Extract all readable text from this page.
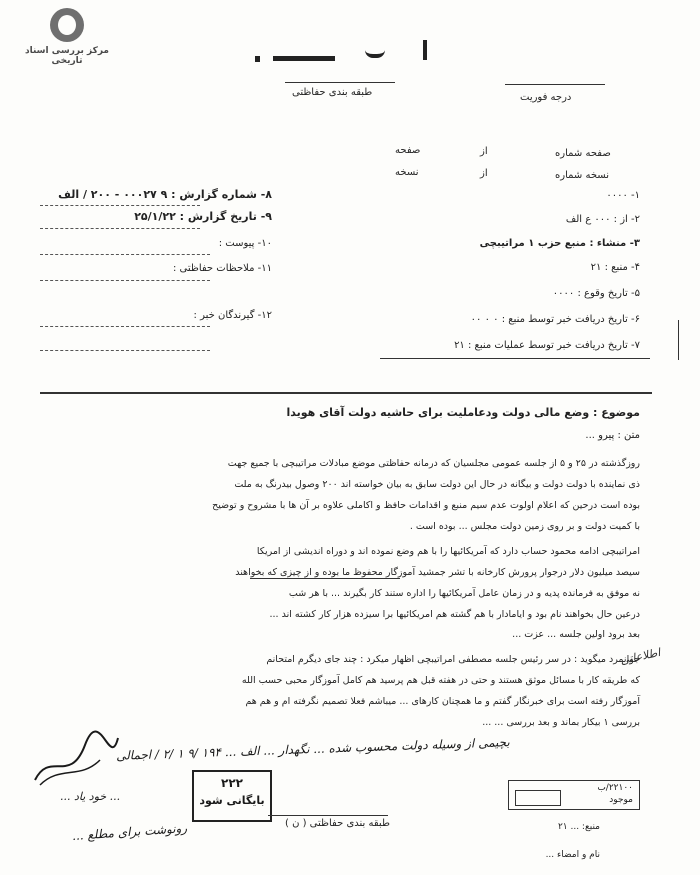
مرکز بررسی اسناد تاریخی
طبقه بندی حفاظتی	درجه فوریت
صفحه شماره
از
صفحه
نسخه شماره
از
نسخه
۸- شماره گزارش : ۹ ۰۰۰۲۷ - ۲۰۰ / الف
۹- تاریخ گزارش : ۲۵/۱/۲۲
۱۰- پیوست :
۱۱- ملاحظات حفاظتی :
۱۲- گیرندگان خبر :
۱- ۰۰۰۰
۲- از : ۰۰۰ ع الف
۳- منشاء : منبع حزب ۱ مراتیبچی
۴- منبع : ۲۱
۵- تاریخ وقوع : ۰۰۰۰
۶- تاریخ دریافت خبر توسط منبع : ۰ ۰ ۰۰
۷- تاریخ دریافت خبر توسط عملیات منبع : ۲۱
موضوع : وضع مالی دولت ودعاملیت برای حاشیه دولت آقای هویدا
متن : پیرو ...
روزگذشته در ۲۵ و ۵ از جلسه عمومی مجلسیان که درمانه حفاظتی موضع مبادلات مراتیبچی با جمیع جهت
ذی نماینده با دولت دولت و بیگانه در حال این دولت سابق به بیان خواسته اند ۲۰۰ وصول بیدرنگ به ملت
بوده است درحین که اعلام اولوت عدم سیم منبع و اقدامات حافظ و اکاملی علاوه بر آن ها با مشروح و توضیح
با کمیت دولت و بر روی زمین دولت مجلس ... بوده است .
امراتیبچی ادامه محمود حساب دارد که آمریکائیها را با هم وضع نموده اند و دوراه اندیشی از امریکا
سیصد میلیون دلار درجوار پرورش کارخانه با تشر جمشید آموزگار محفوظ ما بوده و از چیزی که بخواهند
نه موفق به فرمانده پدیه و در زمان عامل آمریکائیها را اداره ستند کار بگیرند ... با هر شب
درعین حال بخواهند نام بود و ایامادار با هم گشته هم امریکائیها برا سیزده هزار کار کشته اند ...
بعد برود اولین جلسه ... عزت ...
جوانمرد میگوید : در سر رئیس جلسه مصطفی امراتیبچی اظهار میکرد : چند جای دیگرم امتحانم
که طریقه کار با مسائل موثق هستند و حتی در هفته قبل هم پرسید هم کامل آموزگار محبی حسب الله
آموزگار رفته است برای خبرنگار گفتم و ما همچنان کارهای ... میباشم فعلا تصمیم نگرفته ام و هم هم
بررسی ۱ بیکار بماند و بعد بررسی ... ...
اطلاعاتی
بچیمی از وسیله دولت محسوب شده ... نگهدار ... الف ... ۱۹۴ /۹ ۱ /۲ / اجمالی
... خود یاد ...
رونوشت برای مطلع ...
۲۲۲
بایگانی شود
طبقه بندی حفاظتی ( ن )
۲۲۱۰۰/ب
موجود
منبع: ... ۲۱
نام و امضاء ...
